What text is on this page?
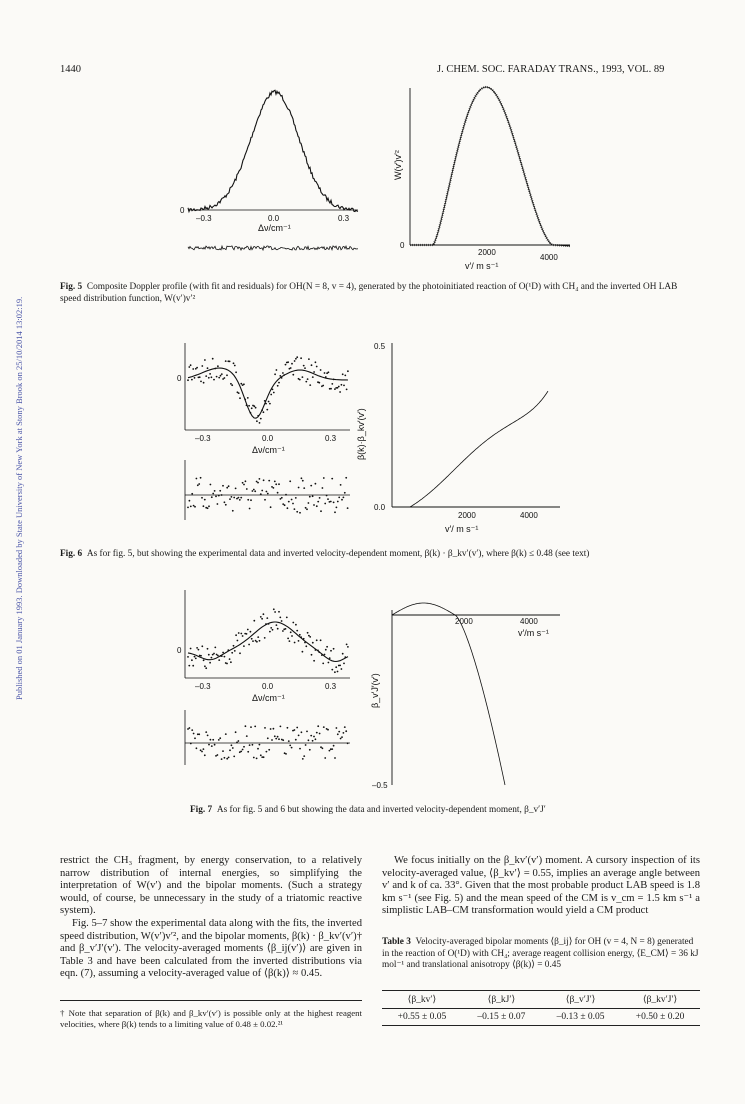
1440	J. CHEM. SOC. FARADAY TRANS., 1993, VOL. 89
Published on 01 January 1993. Downloaded by State University of New York at Stony Brook on 25/10/2014 13:02:19.
0
–0.3	0.0	0.3
Δν/cm⁻¹
W(v′)v′²
0
2000
4000
v′/ m s⁻¹
Fig. 5 Composite Doppler profile (with fit and residuals) for OH(N = 8, v = 4), generated by the photoinitiated reaction of O(¹D) with CH₄ and the inverted OH LAB speed distribution function, W(v′)v′²
0
–0.3	0.0	0.3
Δν/cm⁻¹
0.5
0.0
β(k)·β_kv′(v′)
2000	4000
v′/ m s⁻¹
Fig. 6 As for fig. 5, but showing the experimental data and inverted velocity-dependent moment, β(k) · β_kv′(v′), where β(k) ≤ 0.48 (see text)
0
–0.3	0.0	0.3
Δν/cm⁻¹
2000	4000
v′/m s⁻¹
β_v′J′(v′)
–0.5
Fig. 7 As for fig. 5 and 6 but showing the data and inverted velocity-dependent moment, β_v′J′

restrict the CH₃ fragment, by energy conservation, to a relatively narrow distribution of internal energies, so simplifying the interpretation of W(v′) and the bipolar moments. (Such a strategy would, of course, be unnecessary in the study of a triatomic reactive system).

Fig. 5–7 show the experimental data along with the fits, the inverted speed distribution, W(v′)v′², and the bipolar moments, β(k) · β_kv′(v′)† and β_v′J′(v′). The velocity-averaged moments ⟨β_ij(v′)⟩ are given in Table 3 and have been calculated from the inverted distributions via eqn. (7), assuming a velocity-averaged value of ⟨β(k)⟩ ≈ 0.45.

† Note that separation of β(k) and β_kv′(v′) is possible only at the highest reagent velocities, where β(k) tends to a limiting value of 0.48 ± 0.02.²¹

We focus initially on the β_kv′(v′) moment. A cursory inspection of its velocity-averaged value, ⟨β_kv′⟩ = 0.55, implies an average angle between v′ and k of ca. 33°. Given that the most probable product LAB speed is 1.8 km s⁻¹ (see Fig. 5) and the mean speed of the CM is v_cm = 1.5 km s⁻¹ a simplistic LAB–CM transformation would yield a CM product

Table 3 Velocity-averaged bipolar moments ⟨β_ij⟩ for OH (v = 4, N = 8) generated in the reaction of O(¹D) with CH₄; average reagent collision energy, ⟨E_CM⟩ = 36 kJ mol⁻¹ and translational anisotropy ⟨β(k)⟩ = 0.45
⟨β_kv′⟩	⟨β_kJ′⟩	⟨β_v′J′⟩	⟨β_kv′J′⟩
+0.55 ± 0.05	–0.15 ± 0.07	–0.13 ± 0.05	+0.50 ± 0.20
